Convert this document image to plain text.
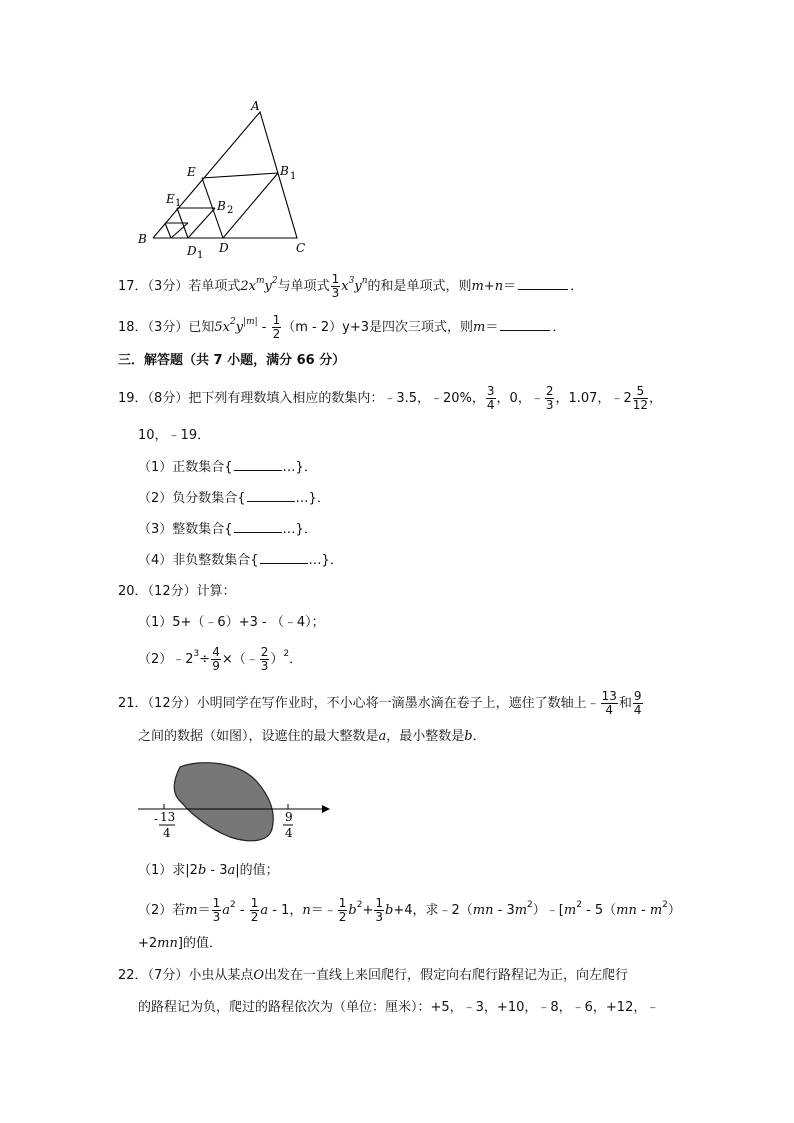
A
E	B 1
E 1	B 2
B
D 1
D	C
17．（3分）若单项式$2x^my^2$与单项式 $\frac{1}{3} x^3y^n$的和是单项式，则m+n＝	．
18．（3分）已知$5x^2y^{|m|} - \frac{1}{2} (m - 2)y+3$是四次三项式，则m＝	．
三．解答题（共 7 小题，满分 66 分）
19．（8分）把下列有理数填入相应的数集内：﹣3.5，﹣20%， $\frac{3}{4}$ ，0，﹣ $\frac{2}{3}$ ，1.07，﹣2 $\frac{5}{12}$ ，
10，﹣19．
（1）正数集合{	…}．
（2）负分数集合{	…}．
（3）整数集合{	…}．
（4）非负整数集合{	…}．
20．（12分）计算：
（1）5+（﹣6）+3 - （﹣4）；
$(2)﹣2^3\div \frac{4}{9}$ ×（﹣ $\frac{2}{3} )^2$．
21．（12分）小明同学在写作业时，不小心将一滴墨水滴在卷子上，遮住了数轴上﹣ $\frac{13}{4}$ 和 $\frac{9}{4}$
之间的数据（如图），设遮住的最大整数是a，最小整数是b．
- 13
4
9
4
（1）求|2b - 3a|的值；
（2）若$m= \frac{1}{3} a^2 - \frac{1}{2}$ a - 1，n＝﹣ $\frac{1}{2} b^2+ \frac{1}{3} b+4$，求﹣2（mn - $3m^2)﹣[m^2 - 5(mn - m^2)$
+2mn]的值．
22．（7分）小虫从某点O出发在一直线上来回爬行，假定向右爬行路程记为正，向左爬行
的路程记为负，爬过的路程依次为（单位：厘米）：+5，﹣3，+10，﹣8，﹣6，+12，﹣
